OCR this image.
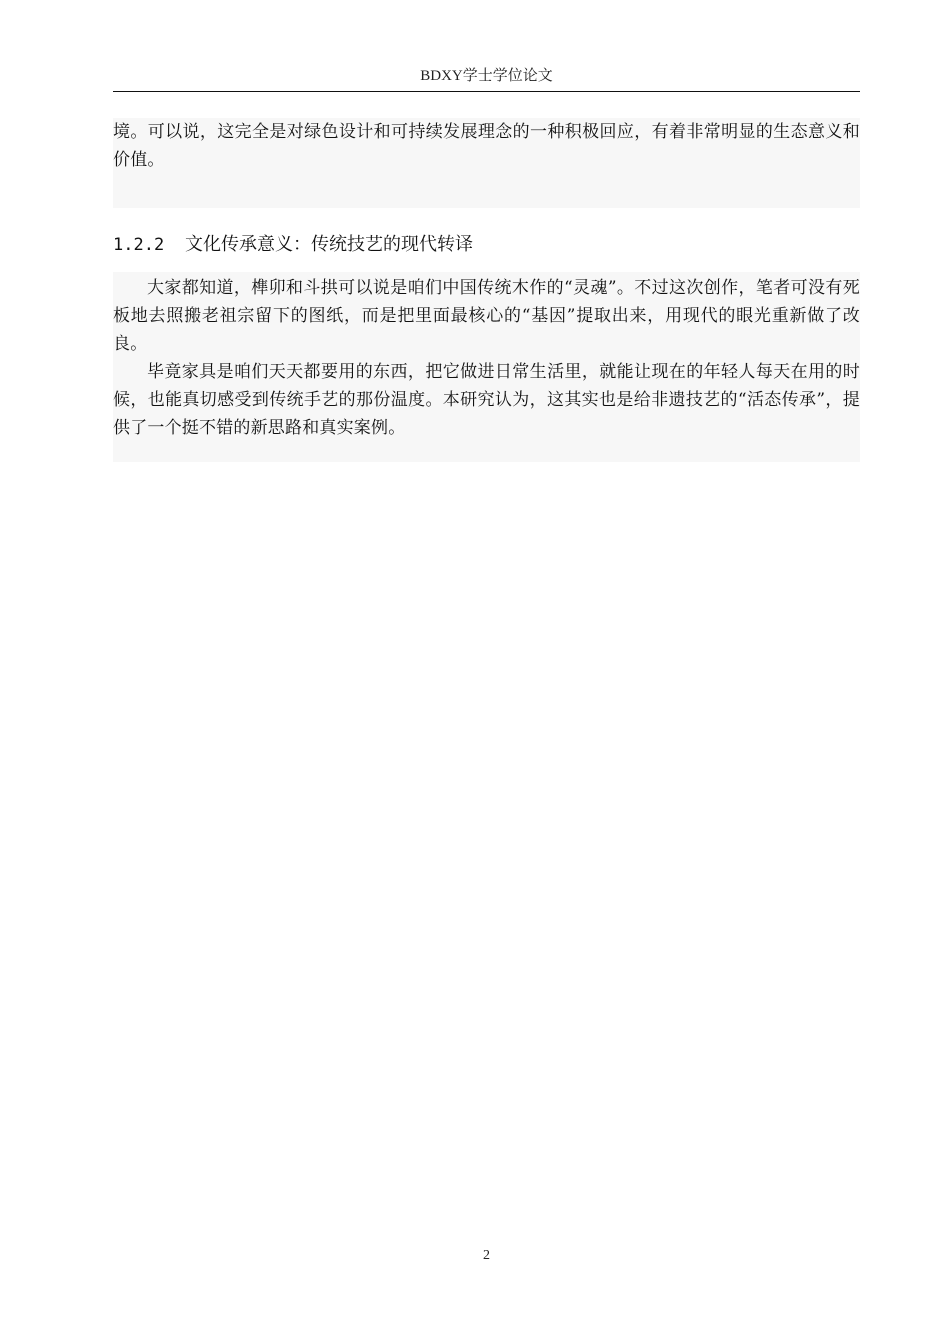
BDXY学士学位论文

境。可以说，这完全是对绿色设计和可持续发展理念的一种积极回应，有着非常明显的生态意义和价值。

1.2.2 文化传承意义：传统技艺的现代转译

大家都知道，榫卯和斗拱可以说是咱们中国传统木作的“灵魂”。不过这次创作，笔者可没有死板地去照搬老祖宗留下的图纸，而是把里面最核心的“基因”提取出来，用现代的眼光重新做了改良。

毕竟家具是咱们天天都要用的东西，把它做进日常生活里，就能让现在的年轻人每天在用的时候，也能真切感受到传统手艺的那份温度。本研究认为，这其实也是给非遗技艺的“活态传承”，提供了一个挺不错的新思路和真实案例。

2
